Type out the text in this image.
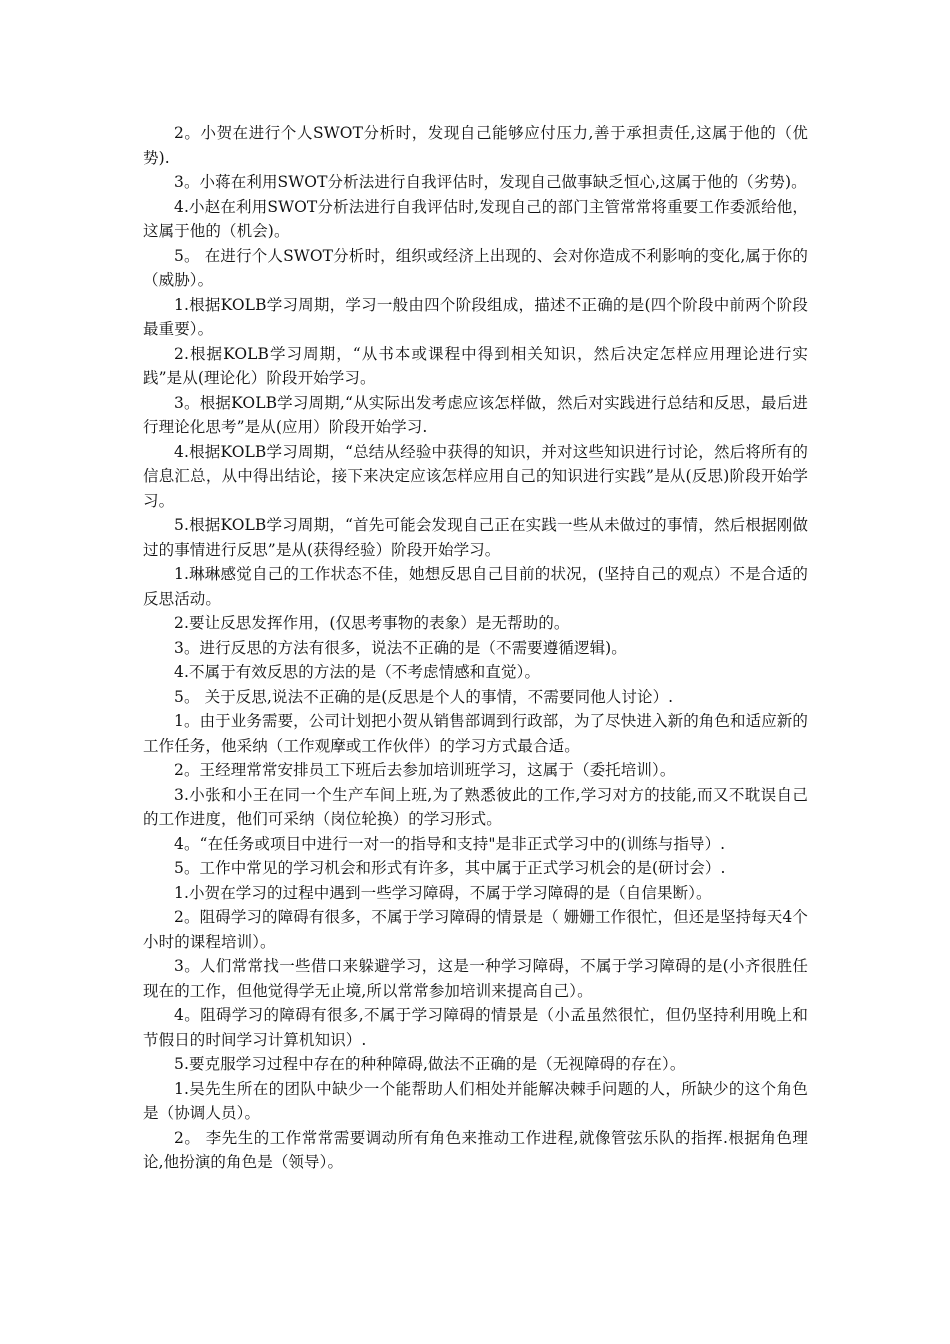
2。小贺在进行个人SWOT分析时，发现自己能够应付压力,善于承担责任,这属于他的（优势).

3。小蒋在利用SWOT分析法进行自我评估时，发现自己做事缺乏恒心,这属于他的（劣势)。

4.小赵在利用SWOT分析法进行自我评估时,发现自己的部门主管常常将重要工作委派给他，这属于他的（机会)。

5。 在进行个人SWOT分析时，组织或经济上出现的、会对你造成不利影响的变化,属于你的（威胁）。

1.根据KOLB学习周期，学习一般由四个阶段组成，描述不正确的是(四个阶段中前两个阶段最重要）。

2.根据KOLB学习周期，“从书本或课程中得到相关知识，然后决定怎样应用理论进行实践”是从(理论化）阶段开始学习。

3。根据KOLB学习周期,“从实际出发考虑应该怎样做，然后对实践进行总结和反思，最后进行理论化思考”是从(应用）阶段开始学习.

4.根据KOLB学习周期，“总结从经验中获得的知识，并对这些知识进行讨论，然后将所有的信息汇总，从中得出结论，接下来决定应该怎样应用自己的知识进行实践”是从(反思)阶段开始学习。

5.根据KOLB学习周期，“首先可能会发现自己正在实践一些从未做过的事情，然后根据刚做过的事情进行反思”是从(获得经验）阶段开始学习。

1.琳琳感觉自己的工作状态不佳，她想反思自己目前的状况，(坚持自己的观点）不是合适的反思活动。

2.要让反思发挥作用，(仅思考事物的表象）是无帮助的。

3。进行反思的方法有很多，说法不正确的是（不需要遵循逻辑)。

4.不属于有效反思的方法的是（不考虑情感和直觉）。

5。 关于反思,说法不正确的是(反思是个人的事情，不需要同他人讨论）.

1。由于业务需要，公司计划把小贺从销售部调到行政部，为了尽快进入新的角色和适应新的工作任务，他采纳（工作观摩或工作伙伴）的学习方式最合适。

2。王经理常常安排员工下班后去参加培训班学习，这属于（委托培训）。

3.小张和小王在同一个生产车间上班,为了熟悉彼此的工作,学习对方的技能,而又不耽误自己的工作进度，他们可采纳（岗位轮换）的学习形式。

4。“在任务或项目中进行一对一的指导和支持"是非正式学习中的(训练与指导）.

5。工作中常见的学习机会和形式有许多，其中属于正式学习机会的是(研讨会）.

1.小贺在学习的过程中遇到一些学习障碍，不属于学习障碍的是（自信果断）。

2。阻碍学习的障碍有很多，不属于学习障碍的情景是（ 姗姗工作很忙，但还是坚持每天4个小时的课程培训）。

3。人们常常找一些借口来躲避学习，这是一种学习障碍，不属于学习障碍的是(小齐很胜任现在的工作，但他觉得学无止境,所以常常参加培训来提高自己）。

4。阻碍学习的障碍有很多,不属于学习障碍的情景是（小孟虽然很忙，但仍坚持利用晚上和节假日的时间学习计算机知识）.

5.要克服学习过程中存在的种种障碍,做法不正确的是（无视障碍的存在）。

1.吴先生所在的团队中缺少一个能帮助人们相处并能解决棘手问题的人，所缺少的这个角色是（协调人员）。

2。 李先生的工作常常需要调动所有角色来推动工作进程,就像管弦乐队的指挥.根据角色理论,他扮演的角色是（领导）。
